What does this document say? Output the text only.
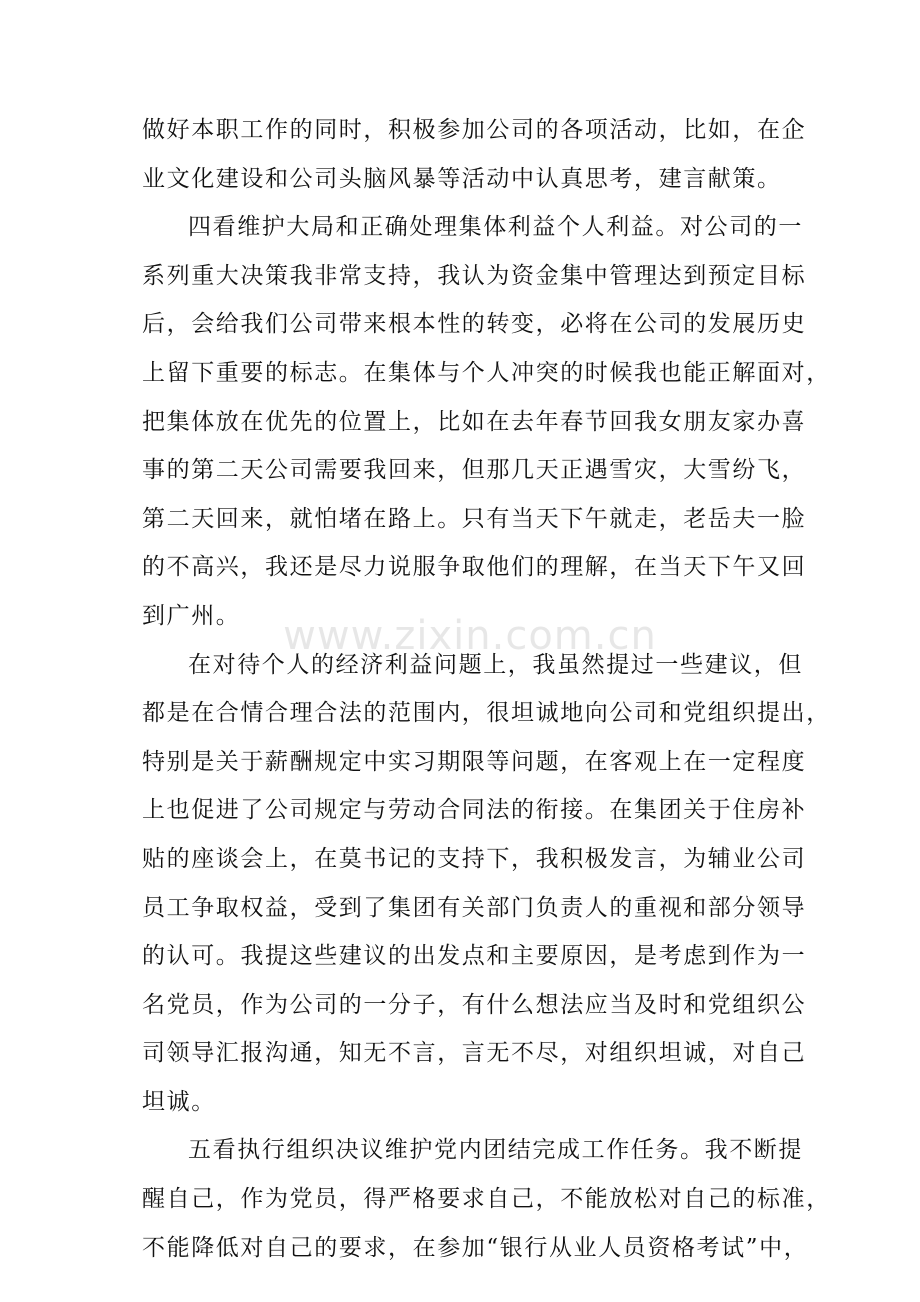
做好本职工作的同时，积极参加公司的各项活动，比如，在企
业文化建设和公司头脑风暴等活动中认真思考，建言献策。
四看维护大局和正确处理集体利益个人利益。对公司的一
系列重大决策我非常支持，我认为资金集中管理达到预定目标
后，会给我们公司带来根本性的转变，必将在公司的发展历史
上留下重要的标志。在集体与个人冲突的时候我也能正解面对，
把集体放在优先的位置上，比如在去年春节回我女朋友家办喜
事的第二天公司需要我回来，但那几天正遇雪灾，大雪纷飞，
第二天回来，就怕堵在路上。只有当天下午就走，老岳夫一脸
的不高兴，我还是尽力说服争取他们的理解，在当天下午又回
到广州。
在对待个人的经济利益问题上，我虽然提过一些建议，但
都是在合情合理合法的范围内，很坦诚地向公司和党组织提出，
特别是关于薪酬规定中实习期限等问题，在客观上在一定程度
上也促进了公司规定与劳动合同法的衔接。在集团关于住房补
贴的座谈会上，在莫书记的支持下，我积极发言，为辅业公司
员工争取权益，受到了集团有关部门负责人的重视和部分领导
的认可。我提这些建议的出发点和主要原因，是考虑到作为一
名党员，作为公司的一分子，有什么想法应当及时和党组织公
司领导汇报沟通，知无不言，言无不尽，对组织坦诚，对自己
坦诚。
五看执行组织决议维护党内团结完成工作任务。我不断提
醒自己，作为党员，得严格要求自己，不能放松对自己的标准，
不能降低对自己的要求，在参加“银行从业人员资格考试”中，
www.zixin.com.cn
